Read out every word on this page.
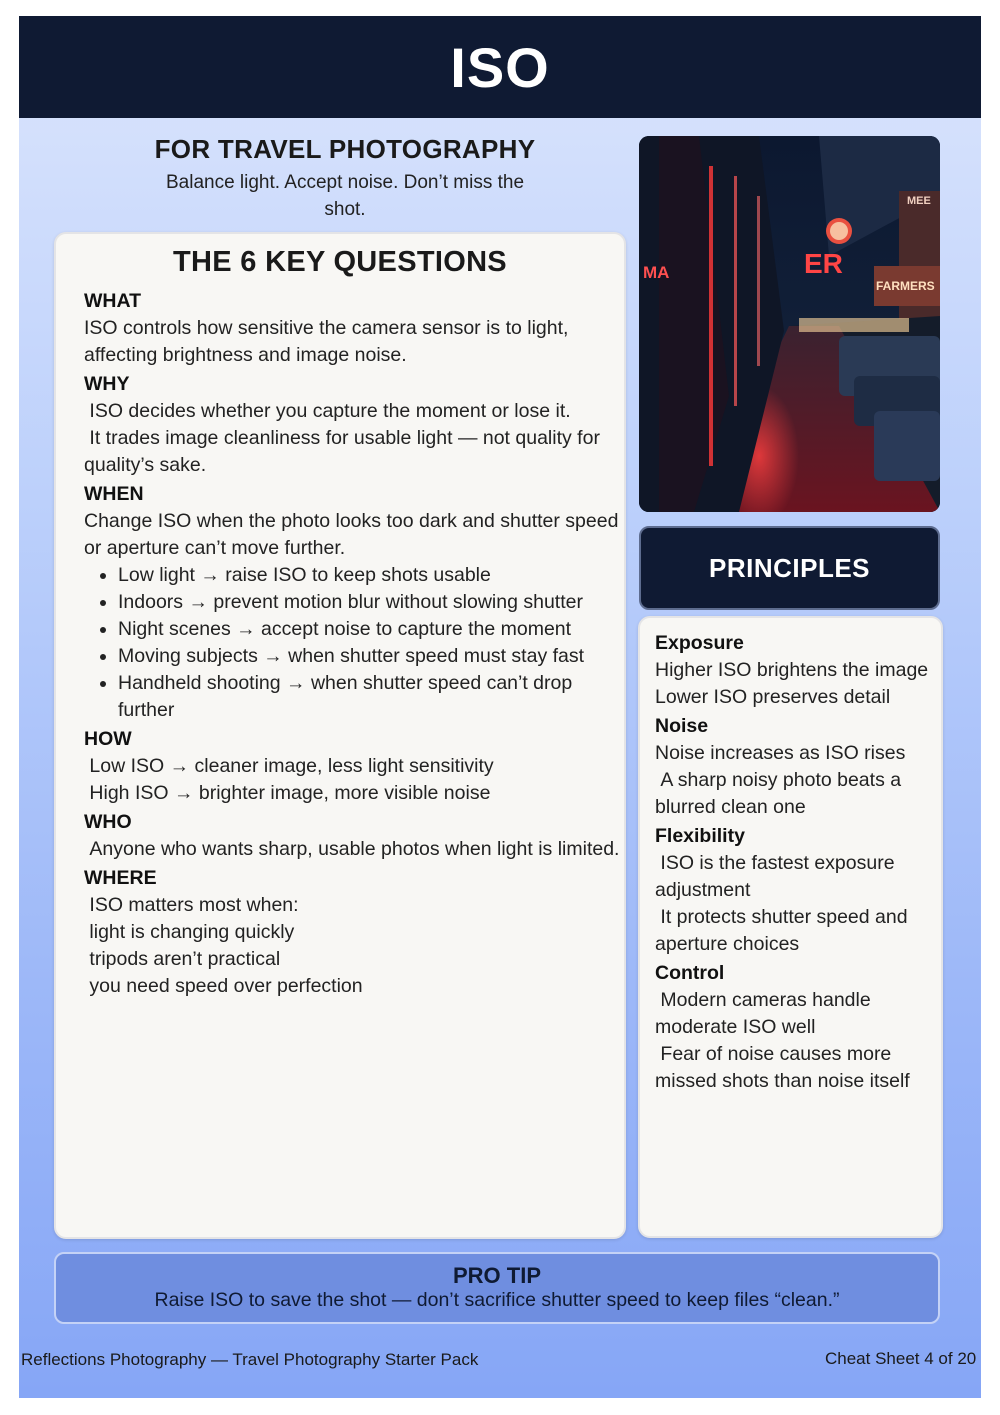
ISO
FOR TRAVEL PHOTOGRAPHY
Balance light. Accept noise. Don’t miss the shot.
THE 6 KEY QUESTIONS
WHAT

ISO controls how sensitive the camera sensor is to light, affecting brightness and image noise.

WHY

ISO decides whether you capture the moment or lose it.

It trades image cleanliness for usable light — not quality for quality’s sake.

WHEN

Change ISO when the photo looks too dark and shutter speed or aperture can’t move further.

• Low light → raise ISO to keep shots usable
• Indoors → prevent motion blur without slowing shutter
• Night scenes → accept noise to capture the moment
• Moving subjects → when shutter speed must stay fast
• Handheld shooting → when shutter speed can’t drop further
HOW

Low ISO → cleaner image, less light sensitivity

High ISO → brighter image, more visible noise

WHO

Anyone who wants sharp, usable photos when light is limited.

WHERE

ISO matters most when:

light is changing quickly

tripods aren’t practical

you need speed over perfection

MA	ER
MEE
FARMERS
PRINCIPLES
Exposure
Higher ISO brightens the image
Lower ISO preserves detail
Noise
Noise increases as ISO rises
A sharp noisy photo beats a blurred clean one
Flexibility
ISO is the fastest exposure adjustment
It protects shutter speed and aperture choices
Control
Modern cameras handle moderate ISO well
Fear of noise causes more missed shots than noise itself
PRO TIP
Raise ISO to save the shot — don’t sacrifice shutter speed to keep files “clean.”
Reflections Photography — Travel Photography Starter Pack	Cheat Sheet 4 of 20
